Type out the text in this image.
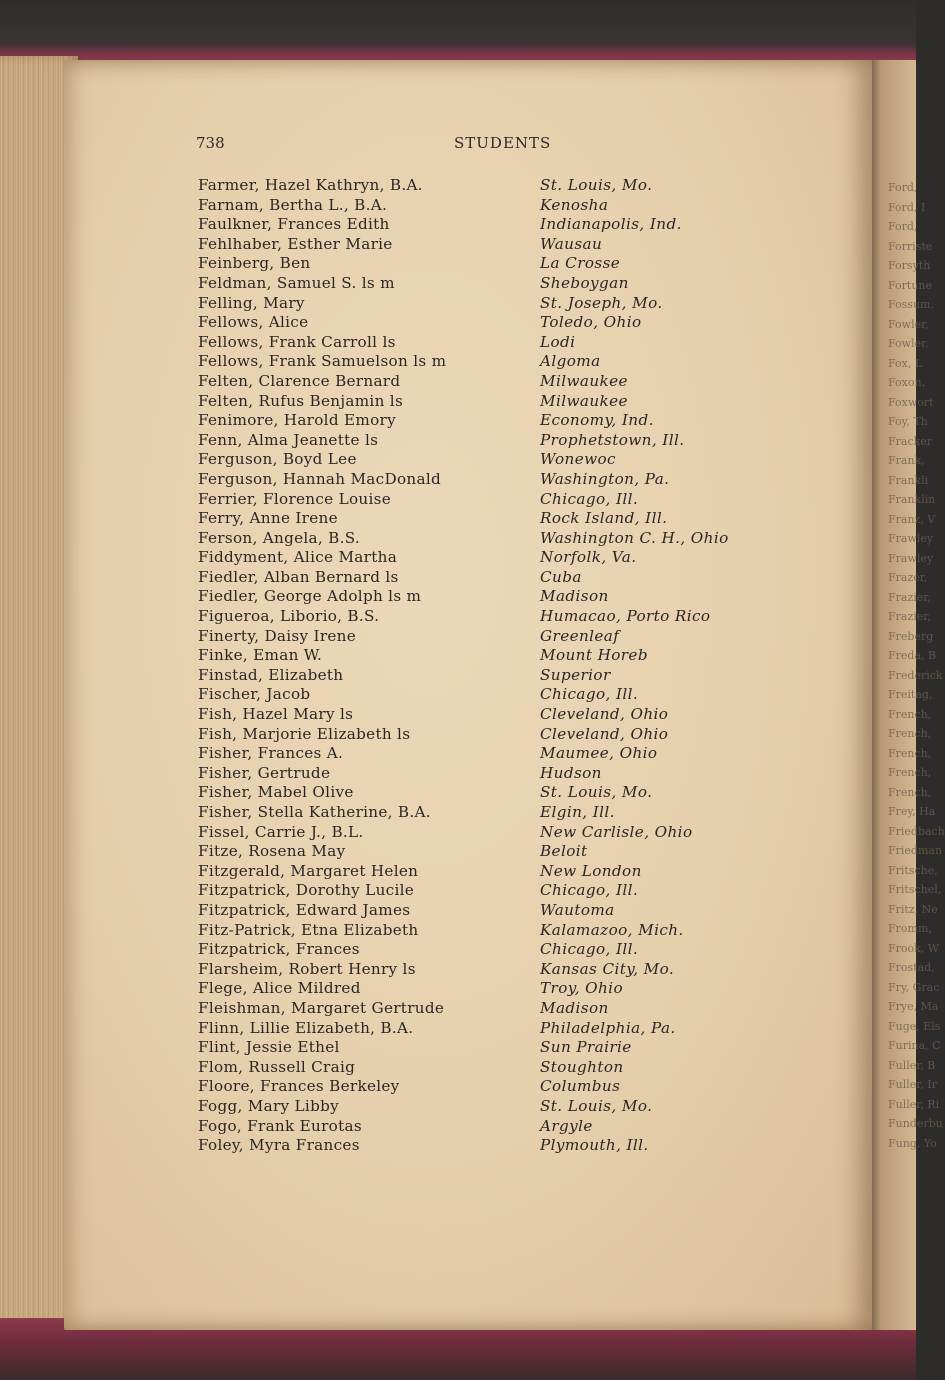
Ford,
Ford, I
Ford,
Forriste
Forsyth
Fortune
Fossum,
Fowler,
Fowler,
Fox, L
Foxon,
Foxwort
Foy, Th
Fracker
Frank,
Frankli
Franklin
Franz, V
Frawley
Frawley
Frazer,
Frazier,
Frazier,
Freberg
Freda, B
Frederick
Freitag,
French,
French,
French,
French,
French,
Frey, Ha
Friedbach
Friedman
Fritsche,
Fritschel,
Fritz, Ne
Fromm,
Frook, W
Frostad,
Fry, Grac
Frye, Ma
Fuge, Els
Furina, C
Fuller, B
Fuller, Ir
Fuller, Ri
Funderbu
Fung, Yo
738	STUDENTS
Farmer, Hazel Kathryn, B.A.	St. Louis, Mo.
Farnam, Bertha L., B.A.	Kenosha
Faulkner, Frances Edith	Indianapolis, Ind.
Fehlhaber, Esther Marie	Wausau
Feinberg, Ben	La Crosse
Feldman, Samuel S. ls m	Sheboygan
Felling, Mary	St. Joseph, Mo.
Fellows, Alice	Toledo, Ohio
Fellows, Frank Carroll ls	Lodi
Fellows, Frank Samuelson ls m	Algoma
Felten, Clarence Bernard	Milwaukee
Felten, Rufus Benjamin ls	Milwaukee
Fenimore, Harold Emory	Economy, Ind.
Fenn, Alma Jeanette ls	Prophetstown, Ill.
Ferguson, Boyd Lee	Wonewoc
Ferguson, Hannah MacDonald	Washington, Pa.
Ferrier, Florence Louise	Chicago, Ill.
Ferry, Anne Irene	Rock Island, Ill.
Ferson, Angela, B.S.	Washington C. H., Ohio
Fiddyment, Alice Martha	Norfolk, Va.
Fiedler, Alban Bernard ls	Cuba
Fiedler, George Adolph ls m	Madison
Figueroa, Liborio, B.S.	Humacao, Porto Rico
Finerty, Daisy Irene	Greenleaf
Finke, Eman W.	Mount Horeb
Finstad, Elizabeth	Superior
Fischer, Jacob	Chicago, Ill.
Fish, Hazel Mary ls	Cleveland, Ohio
Fish, Marjorie Elizabeth ls	Cleveland, Ohio
Fisher, Frances A.	Maumee, Ohio
Fisher, Gertrude	Hudson
Fisher, Mabel Olive	St. Louis, Mo.
Fisher, Stella Katherine, B.A.	Elgin, Ill.
Fissel, Carrie J., B.L.	New Carlisle, Ohio
Fitze, Rosena May	Beloit
Fitzgerald, Margaret Helen	New London
Fitzpatrick, Dorothy Lucile	Chicago, Ill.
Fitzpatrick, Edward James	Wautoma
Fitz-Patrick, Etna Elizabeth	Kalamazoo, Mich.
Fitzpatrick, Frances	Chicago, Ill.
Flarsheim, Robert Henry ls	Kansas City, Mo.
Flege, Alice Mildred	Troy, Ohio
Fleishman, Margaret Gertrude	Madison
Flinn, Lillie Elizabeth, B.A.	Philadelphia, Pa.
Flint, Jessie Ethel	Sun Prairie
Flom, Russell Craig	Stoughton
Floore, Frances Berkeley	Columbus
Fogg, Mary Libby	St. Louis, Mo.
Fogo, Frank Eurotas	Argyle
Foley, Myra Frances	Plymouth, Ill.
